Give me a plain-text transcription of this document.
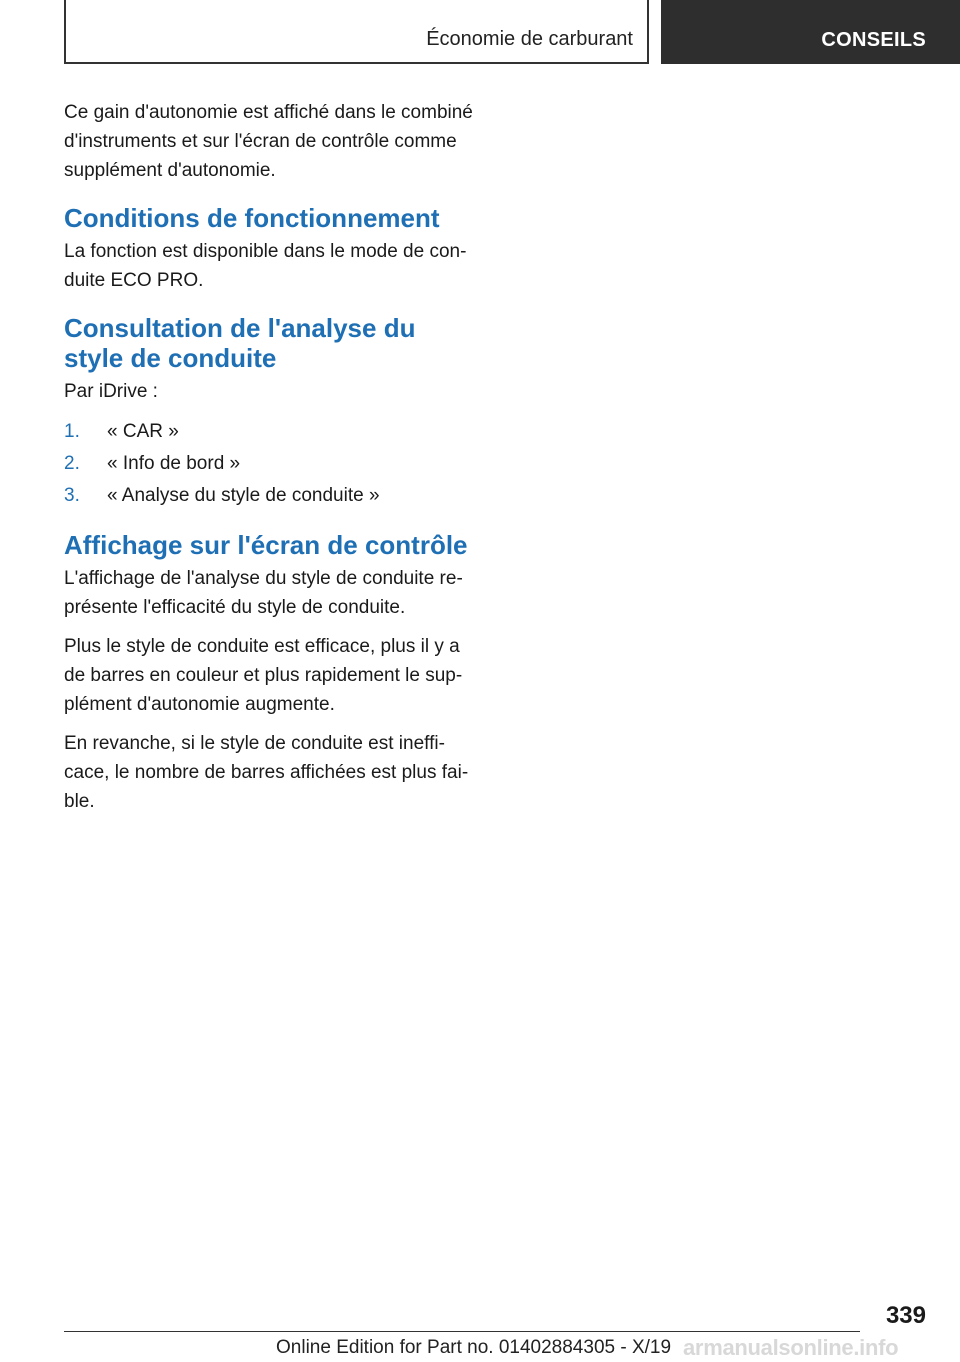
Économie de carburant	CONSEILS

Ce gain d'autonomie est affiché dans le combiné d'instruments et sur l'écran de contrôle comme supplément d'autonomie.

Conditions de fonctionnement

La fonction est disponible dans le mode de con- duite ECO PRO.

Consultation de l'analyse du style de conduite

Par iDrive :

1. « CAR »
2. « Info de bord »
3. « Analyse du style de conduite »
Affichage sur l'écran de contrôle

L'affichage de l'analyse du style de conduite re- présente l'efficacité du style de conduite.

Plus le style de conduite est efficace, plus il y a de barres en couleur et plus rapidement le sup- plément d'autonomie augmente.

En revanche, si le style de conduite est ineffi- cace, le nombre de barres affichées est plus fai- ble.

339
Online Edition for Part no. 01402884305 - X/19 armanualsonline.info
